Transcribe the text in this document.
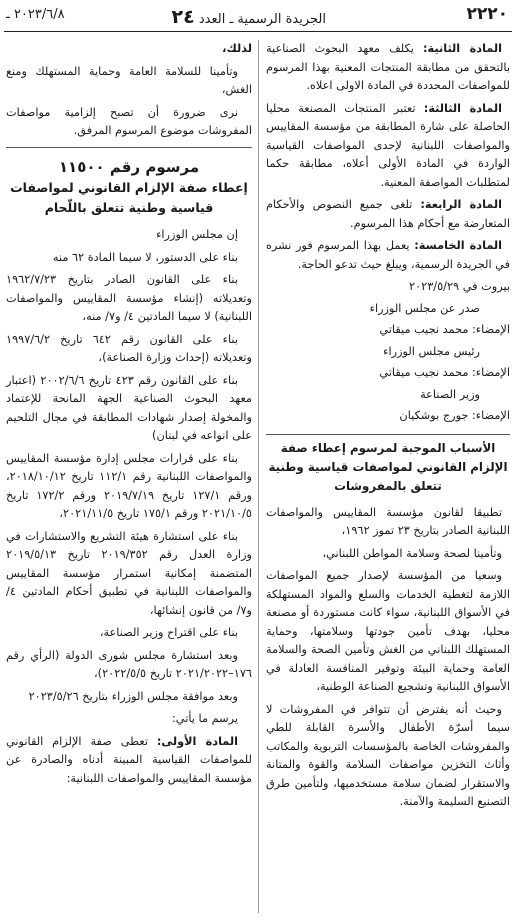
٢٢٢٠
الجريدة الرسمية ـ العدد ٢٤
٢٠٢٣/٦/٨ ـ

المادة الثانية: يكلف معهد البحوث الصناعية بالتحقق من مطابقة المنتجات المعنية بهذا المرسوم للمواصفات المحددة في المادة الاولى اعلاه.

المادة الثالثة: تعتبر المنتجات المصنعة محليا الحاصلة على شارة المطابقة من مؤسسة المقاييس والمواصفات اللبنانية لإحدى المواصفات القياسية الواردة في المادة الأولى أعلاه، مطابقة حكما لمتطلبات المواصفة المعنية.

المادة الرابعة: تلغى جميع النصوص والأحكام المتعارضة مع أحكام هذا المرسوم.

المادة الخامسة: يعمل بهذا المرسوم فور نشره في الجريدة الرسمية، ويبلغ حيث تدعو الحاجة.

بيروت في ٢٠٢٣/٥/٢٩

صدر عن مجلس الوزراء

الإمضاء: محمد نجيب ميقاتي

رئيس مجلس الوزراء

الإمضاء: محمد نجيب ميقاتي

وزير الصناعة

الإمضاء: جورج بوشكيان

الأسباب الموجبة لمرسوم إعطاء صفة الإلزام القانوني لمواصفات قياسية وطنية تتعلق بالمفروشات

تطبيقا لقانون مؤسسة المقاييس والمواصفات اللبنانية الصادر بتاريخ ٢٣ تموز ١٩٦٢،

وتأمينا لصحة وسلامة المواطن اللبناني،

وسعيا من المؤسسة لإصدار جميع المواصفات اللازمة لتغطية الخدمات والسلع والمواد المستهلكة في الأسواق اللبنانية، سواء كانت مستوردة أو مصنعة محليا، بهدف تأمين جودتها وسلامتها، وحماية المستهلك اللبناني من الغش وتأمين الصحة والسلامة العامة وحماية البيئة وتوفير المنافسة العادلة في الأسواق اللبنانية وتشجيع الصناعة الوطنية،

وحيث أنه يفترض أن تتوافر في المفروشات لا سيما أسرّة الأطفال والأسرة القابلة للطي والمفروشات الخاصة بالمؤسسات التربوية والمكاتب وأثاث التخزين مواصفات السلامة والقوة والمتانة والاستقرار لضمان سلامة مستخدميها، ولتأمين طرق التصنيع السليمة والآمنة.

لذلك،

وتأمينا للسلامة العامة وحماية المستهلك ومنع الغش،

نرى ضرورة أن تصبح إلزامية مواصفات المفروشات موضوع المرسوم المرفق.

مرسوم رقم ١١٥٠٠

إعطاء صفة الإلزام القانوني لمواصفات قياسية وطنية تتعلق باللّحام

إن مجلس الوزراء

بناء على الدستور، لا سيما المادة ٦٢ منه

بناء على القانون الصادر بتاريخ ١٩٦٢/٧/٢٣ وتعديلاته (إنشاء مؤسسة المقاييس والمواصفات اللبنانية) لا سيما المادتين ٤/ و٧/ منه،

بناء على القانون رقم ٦٤٢ تاريخ ١٩٩٧/٦/٢ وتعديلاته (إحداث وزارة الصناعة)،

بناء على القانون رقم ٤٢٣ تاريخ ٢٠٠٢/٦/٦ (اعتبار معهد البحوث الصناعية الجهة المانحة للإعتماد والمخولة إصدار شهادات المطابقة في مجال التلحيم على انواعه في لبنان)

بناء على قرارات مجلس إدارة مؤسسة المقاييس والمواصفات اللبنانية رقم ١١٢/١ تاريخ ٢٠١٨/١٠/١٢، ورقم ١٢٧/١ تاريخ ٢٠١٩/٧/١٩ ورقم ١٧٢/٢ تاريخ ٢٠٢١/١٠/٥ ورقم ١٧٥/١ تاريخ ٢٠٢١/١١/٥،

بناء على استشارة هيئة التشريع والاستشارات في وزارة العدل رقم ٢٠١٩/٣٥٢ تاريخ ٢٠١٩/٥/١٣ المتضمنة إمكانية استمرار مؤسسة المقاييس والمواصفات اللبنانية في تطبيق أحكام المادتين ٤/ و٧/ من قانون إنشائها،

بناء على اقتراح وزير الصناعة،

وبعد استشارة مجلس شورى الدولة (الرأي رقم ١٧٦–٢٠٢١/٢٠٢٢ تاريخ ٢٠٢٢/٥/٥)،

وبعد موافقة مجلس الوزراء بتاريخ ٢٠٢٣/٥/٢٦

يرسم ما يأتي:

المادة الأولى: تعطى صفة الإلزام القانوني للمواصفات القياسية المبينة أدناه والصادرة عن مؤسسة المقاييس والمواصفات اللبنانية:
